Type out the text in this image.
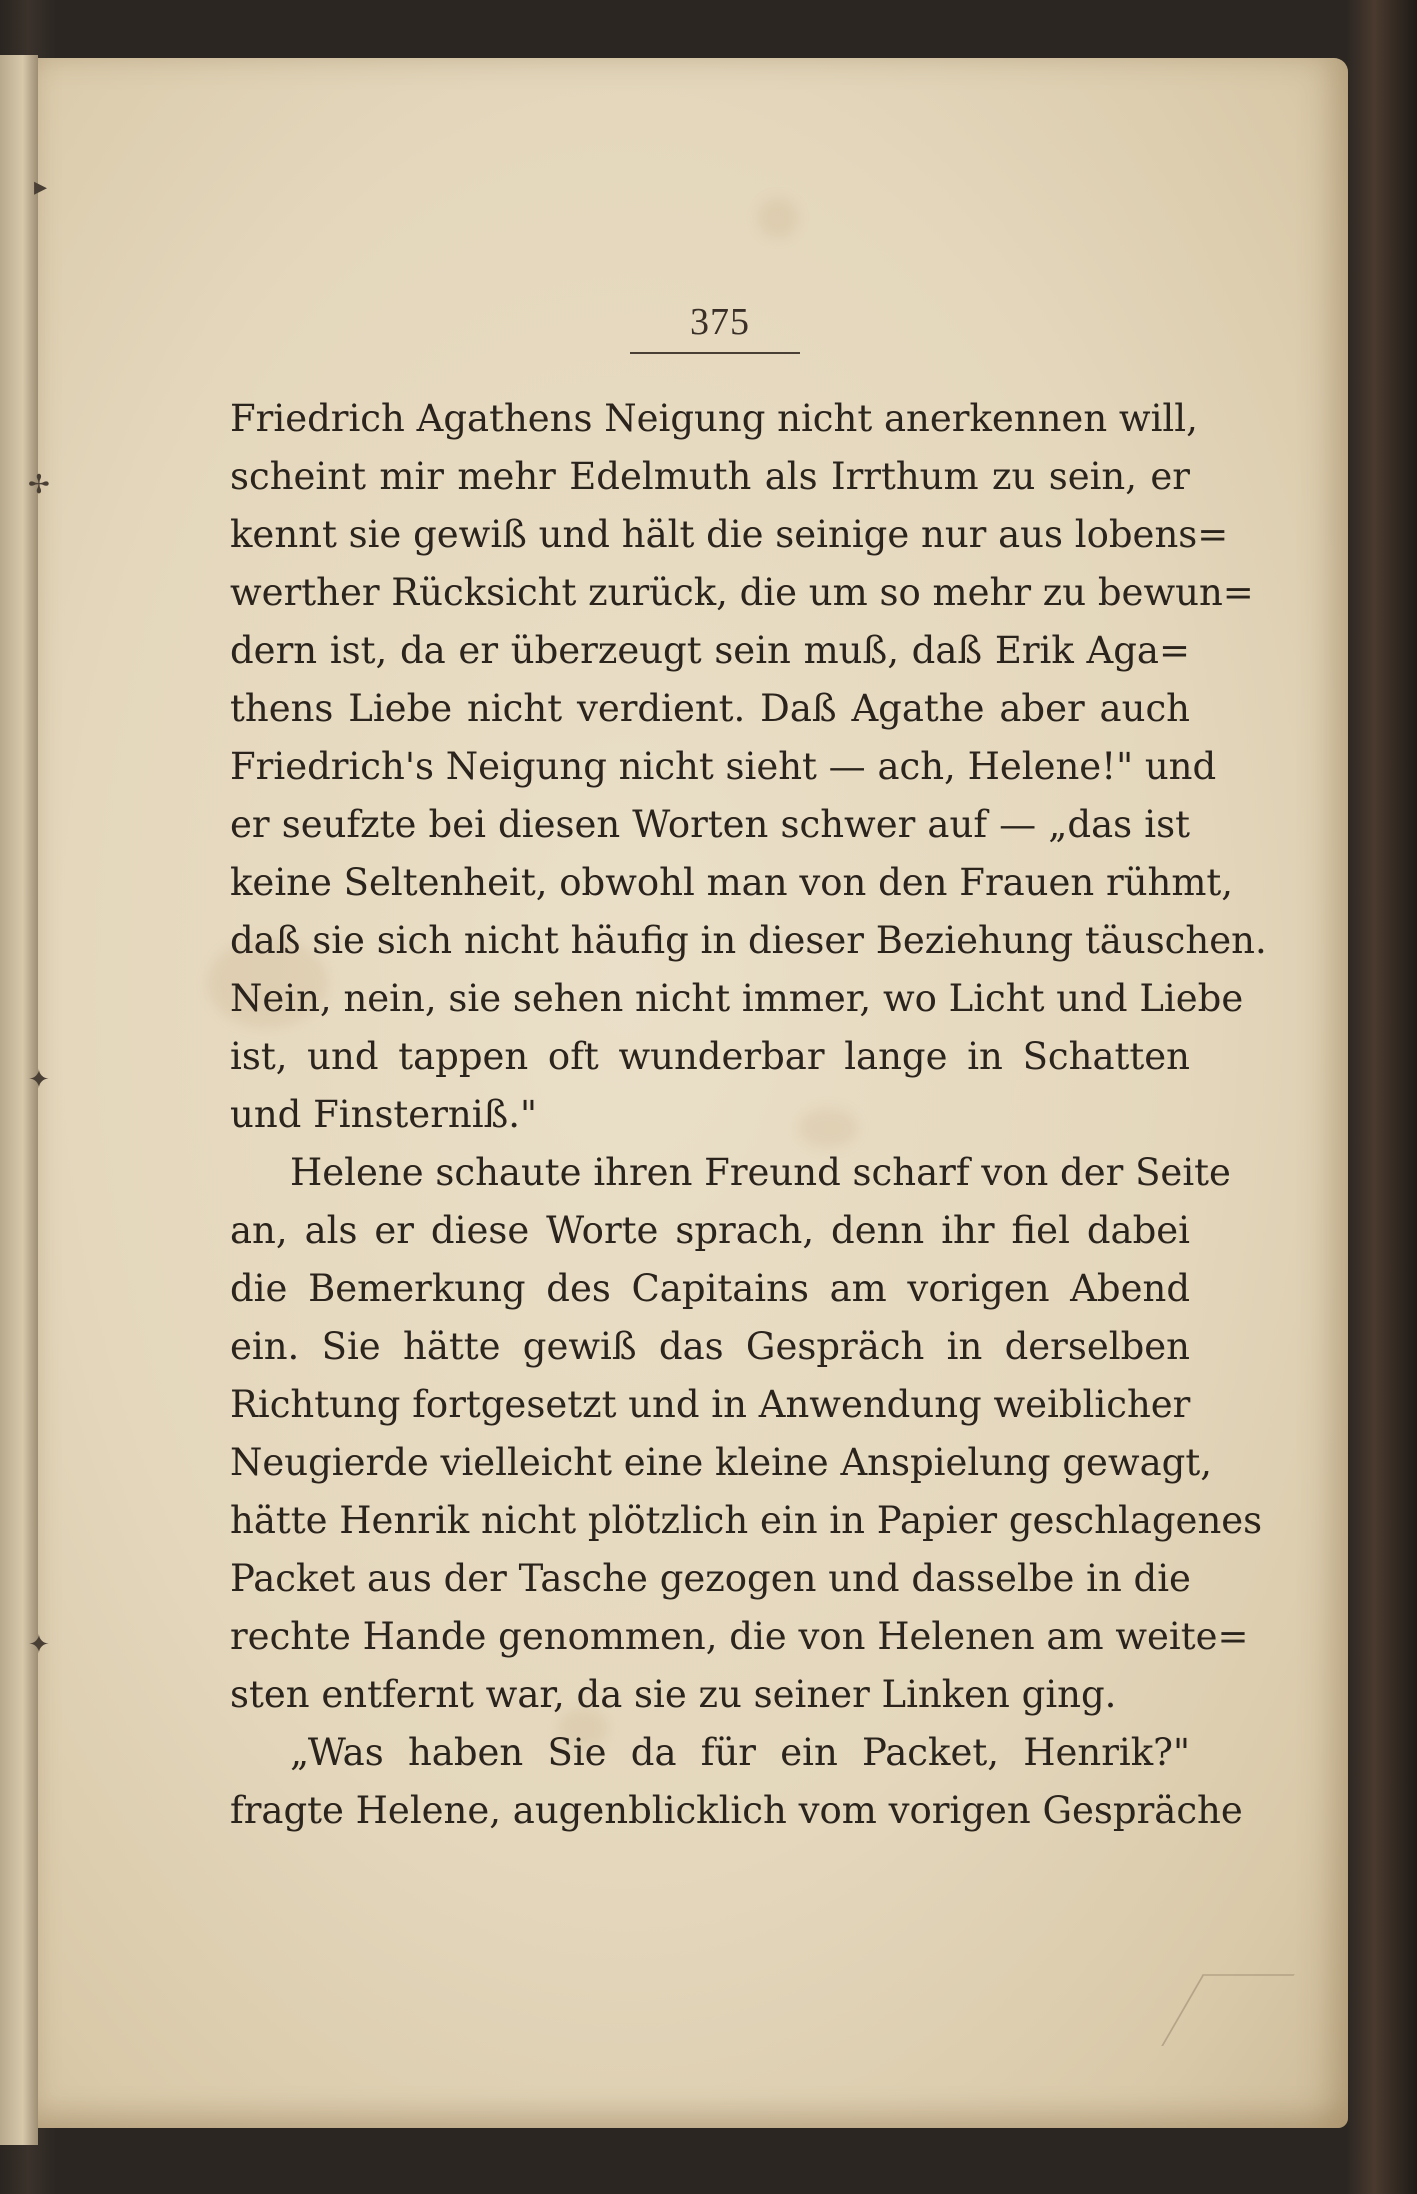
▸
✢
✦
✦
375
Friedrich Agathens Neigung nicht anerkennen will,
scheint mir mehr Edelmuth als Irrthum zu sein, er
kennt sie gewiß und hält die seinige nur aus lobens=
werther Rücksicht zurück, die um so mehr zu bewun=
dern ist, da er überzeugt sein muß, daß Erik Aga=
thens Liebe nicht verdient. Daß Agathe aber auch
Friedrich's Neigung nicht sieht — ach, Helene!" und
er seufzte bei diesen Worten schwer auf — „das ist
keine Seltenheit, obwohl man von den Frauen rühmt,
daß sie sich nicht häufig in dieser Beziehung täuschen.
Nein, nein, sie sehen nicht immer, wo Licht und Liebe
ist, und tappen oft wunderbar lange in Schatten
und Finsterniß."
Helene schaute ihren Freund scharf von der Seite
an, als er diese Worte sprach, denn ihr fiel dabei
die Bemerkung des Capitains am vorigen Abend
ein. Sie hätte gewiß das Gespräch in derselben
Richtung fortgesetzt und in Anwendung weiblicher
Neugierde vielleicht eine kleine Anspielung gewagt,
hätte Henrik nicht plötzlich ein in Papier geschlagenes
Packet aus der Tasche gezogen und dasselbe in die
rechte Hande genommen, die von Helenen am weite=
sten entfernt war, da sie zu seiner Linken ging.
„Was haben Sie da für ein Packet, Henrik?"
fragte Helene, augenblicklich vom vorigen Gespräche
